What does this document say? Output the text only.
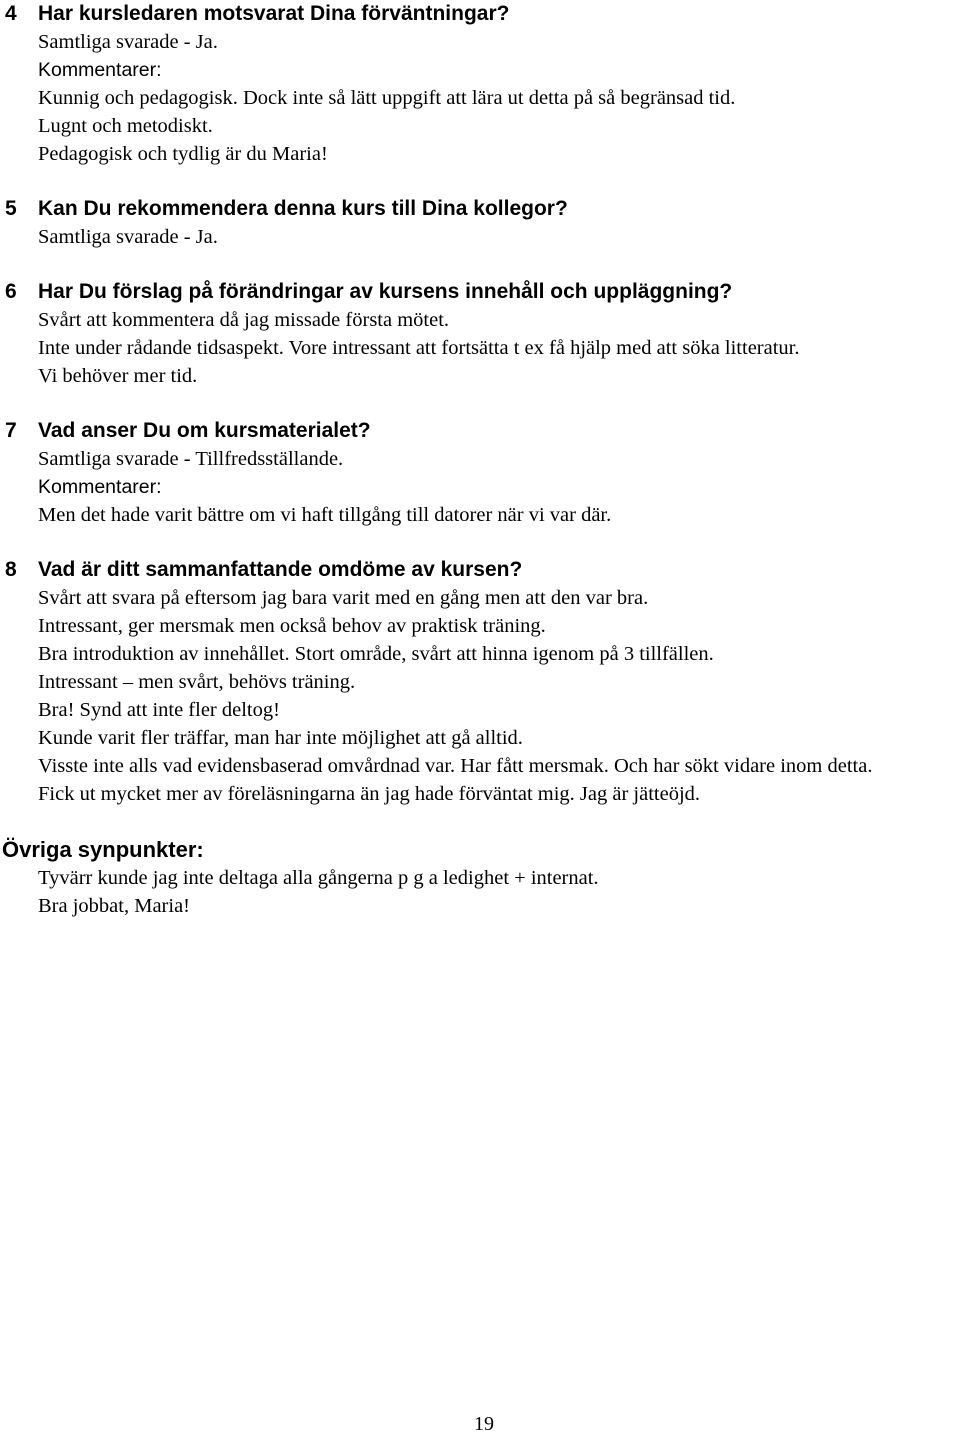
4 Har kursledaren motsvarat Dina förväntningar?
Samtliga svarade - Ja.
Kommentarer:
Kunnig och pedagogisk. Dock inte så lätt uppgift att lära ut detta på så begränsad tid.
Lugnt och metodiskt.
Pedagogisk och tydlig är du Maria!
5 Kan Du rekommendera denna kurs till Dina kollegor?
Samtliga svarade - Ja.
6 Har Du förslag på förändringar av kursens innehåll och uppläggning?
Svårt att kommentera då jag missade första mötet.
Inte under rådande tidsaspekt. Vore intressant att fortsätta t ex få hjälp med att söka litteratur.
Vi behöver mer tid.
7 Vad anser Du om kursmaterialet?
Samtliga svarade - Tillfredsställande.
Kommentarer:
Men det hade varit bättre om vi haft tillgång till datorer när vi var där.
8 Vad är ditt sammanfattande omdöme av kursen?
Svårt att svara på eftersom jag bara varit med en gång men att den var bra.
Intressant, ger mersmak men också behov av praktisk träning.
Bra introduktion av innehållet. Stort område, svårt att hinna igenom på 3 tillfällen.
Intressant – men svårt, behövs träning.
Bra! Synd att inte fler deltog!
Kunde varit fler träffar, man har inte möjlighet att gå alltid.
Visste inte alls vad evidensbaserad omvårdnad var. Har fått mersmak. Och har sökt vidare inom detta.
Fick ut mycket mer av föreläsningarna än jag hade förväntat mig. Jag är jätteöjd.
Övriga synpunkter:
Tyvärr kunde jag inte deltaga alla gångerna p g a ledighet + internat.
Bra jobbat, Maria!
19
